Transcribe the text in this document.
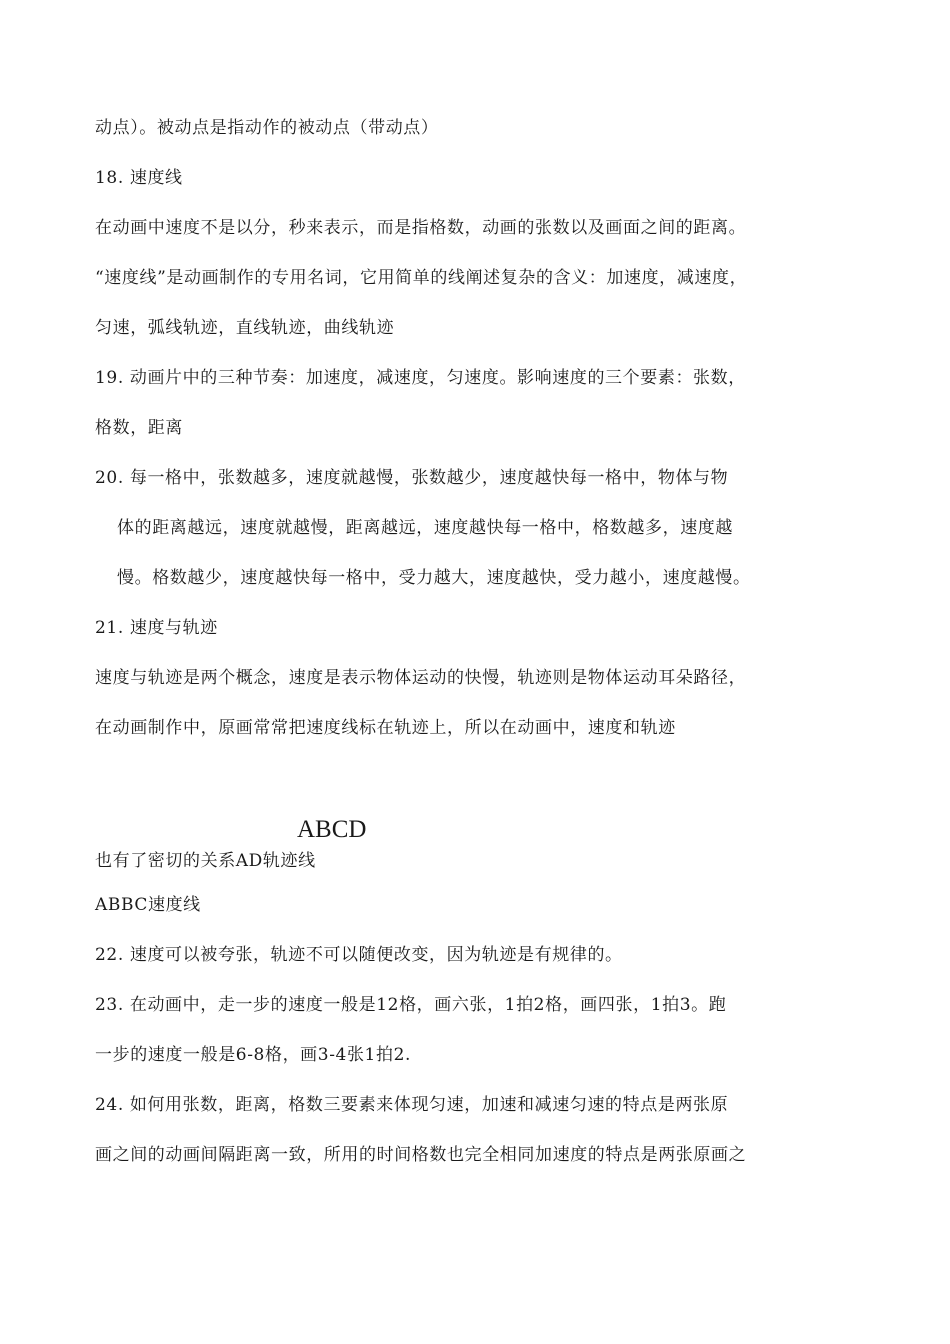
动点）。被动点是指动作的被动点（带动点）
18. 速度线
在动画中速度不是以分，秒来表示，而是指格数，动画的张数以及画面之间的距离。
“速度线”是动画制作的专用名词，它用简单的线阐述复杂的含义：加速度，减速度，
匀速，弧线轨迹，直线轨迹，曲线轨迹
19. 动画片中的三种节奏：加速度，减速度，匀速度。影响速度的三个要素：张数，
格数，距离
20. 每一格中，张数越多，速度就越慢，张数越少，速度越快每一格中，物体与物
体的距离越远，速度就越慢，距离越远，速度越快每一格中，格数越多，速度越
慢。格数越少，速度越快每一格中，受力越大，速度越快，受力越小，速度越慢。
21. 速度与轨迹
速度与轨迹是两个概念，速度是表示物体运动的快慢，轨迹则是物体运动耳朵路径，
在动画制作中，原画常常把速度线标在轨迹上，所以在动画中，速度和轨迹
ABCD
也有了密切的关系AD轨迹线
ABBC速度线
22. 速度可以被夸张，轨迹不可以随便改变，因为轨迹是有规律的。
23. 在动画中，走一步的速度一般是12格，画六张，1拍2格，画四张，1拍3。跑
一步的速度一般是6-8格，画3-4张1拍2.
24. 如何用张数，距离，格数三要素来体现匀速，加速和减速匀速的特点是两张原
画之间的动画间隔距离一致，所用的时间格数也完全相同加速度的特点是两张原画之
